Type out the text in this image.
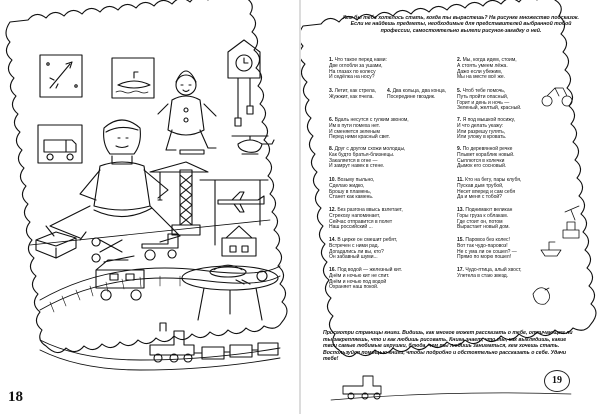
18
Кем бы тебе хотелось стать, когда ты вырастешь? На рисунке множество подсказок. Если не найдешь предметы, необходимые для представителей выбранной тобой профессии, самостоятельно вылепи рисунок-загадку о ней.
1. Что такое перед нами:
Две оглобли за ушами,
На глазах по колесу
И седёлка на носу?
2. Мы, когда идем, стоим,
А стоять умеем лёжа.
Дажо если убежим,
Мы на месте всё же.
3. Летит, как стрела,
Жужжит, как пчела.
4. Два кольца, два конца,
Посередине гвоздик.
5. Чтоб тебе помочь,
Путь пройти опасный,
Горит и день и ночь —
Зеленый, желтый, красный.
6. Вдаль несутся с гулким звоном,
Им в пути помеха нет.
И сменяется зеленым
Перед ними красный свет.
7. Я под мышкой посижу,
И что делать укажу:
Или разрешу гулять,
Или уложу в кровать.
8. Друг с другом схожи молодцы,
Как будто братья-близнецы.
Закаляется в огне —
И замрут навек в стене.
9. По деревянной речке
Плывет кораблик новый.
Сыплются в колечки
Дымок его сосновый.
10. Возьму пыльно,
Сделаю жидко,
Брошу в пламень,
Станет как камень.
11. Кто на бегу, пары клубя,
Пускав дым трубой,
Несет вперед и сам себя
Да и меня с тобой?
12. Без разгона ввысь взлетает,
Стрекозу напоминает,
Сейчас отправится в полет
Наш российский ...
13. Поднимают великан
Горы груза к облакам.
Где стоит он, потом
Вырастает новый дом.
14. В цирке он смешит ребят,
Встречен с ними рад.
Догадались ли вы, кто?
Он забавный шуми...
15. Паровоз без колес!
Вот так чудо-паровоз!
Не с ума ли он сошел? —
Прямо по морю пошел!
16. Под водой — железный кит.
Днём и ночью кит не спит.
Днём и ночью под водой
Охраняет наш покой.
17. Чудо-птица, алый хвост,
Улетела в стаю звезд.
Просмотри страницы книги. Видишь, как многое может рассказать о тебе, отличающем ли ты закрепляешь, что и как любишь рисовать. Книга знает, что ты, как выглядишь, какие твои самые любимые игрушки, блюда, чем ты любишь заниматься, кем хочешь стать. Воспользуйся помощью книги, чтобы подробно и обстоятельно рассказать о себе. Удачи тебе!
19
